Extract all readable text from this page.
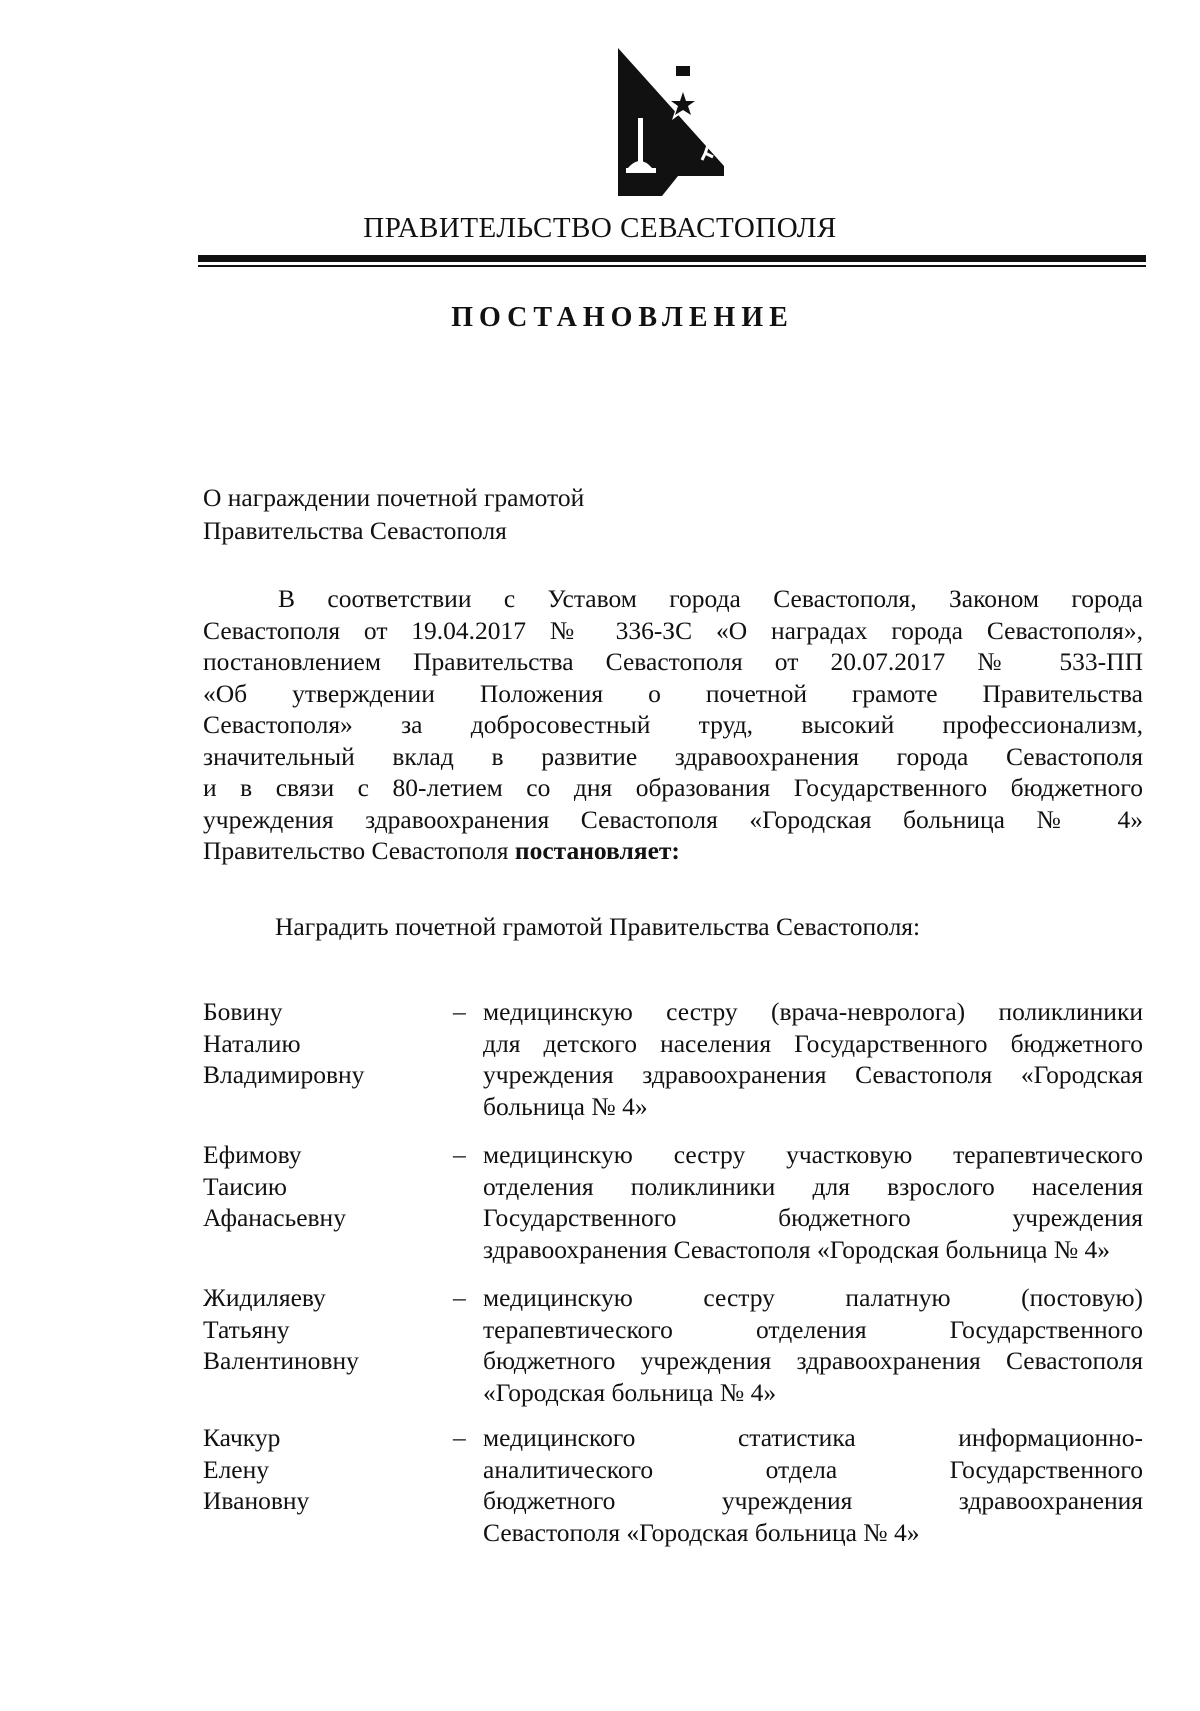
ПРАВИТЕЛЬСТВО СЕВАСТОПОЛЯ
ПОСТАНОВЛЕНИЕ
О награждении почетной грамотой
Правительства Севастополя
В соответствии с Уставом города Севастополя, Законом города
Севастополя от 19.04.2017 № 336-ЗС «О наградах города Севастополя»,
постановлением Правительства Севастополя от 20.07.2017 № 533-ПП
«Об утверждении Положения о почетной грамоте Правительства
Севастополя» за добросовестный труд, высокий профессионализм,
значительный вклад в развитие здравоохранения города Севастополя
и в связи с 80-летием со дня образования Государственного бюджетного
учреждения здравоохранения Севастополя «Городская больница № 4»
Правительство Севастополя постановляет:
Наградить почетной грамотой Правительства Севастополя:
Бовину
Наталию
Владимировну
– медицинскую сестру (врача-невролога) поликлиники
для детского населения Государственного бюджетного
учреждения здравоохранения Севастополя «Городская
больница № 4»
Ефимову
Таисию
Афанасьевну
– медицинскую сестру участковую терапевтического
отделения поликлиники для взрослого населения
Государственного бюджетного учреждения
здравоохранения Севастополя «Городская больница № 4»
Жидиляеву
Татьяну
Валентиновну
– медицинскую сестру палатную (постовую)
терапевтического отделения Государственного
бюджетного учреждения здравоохранения Севастополя
«Городская больница № 4»
Качкур
Елену
Ивановну
– медицинского статистика информационно-
аналитического отдела Государственного
бюджетного учреждения здравоохранения
Севастополя «Городская больница № 4»
